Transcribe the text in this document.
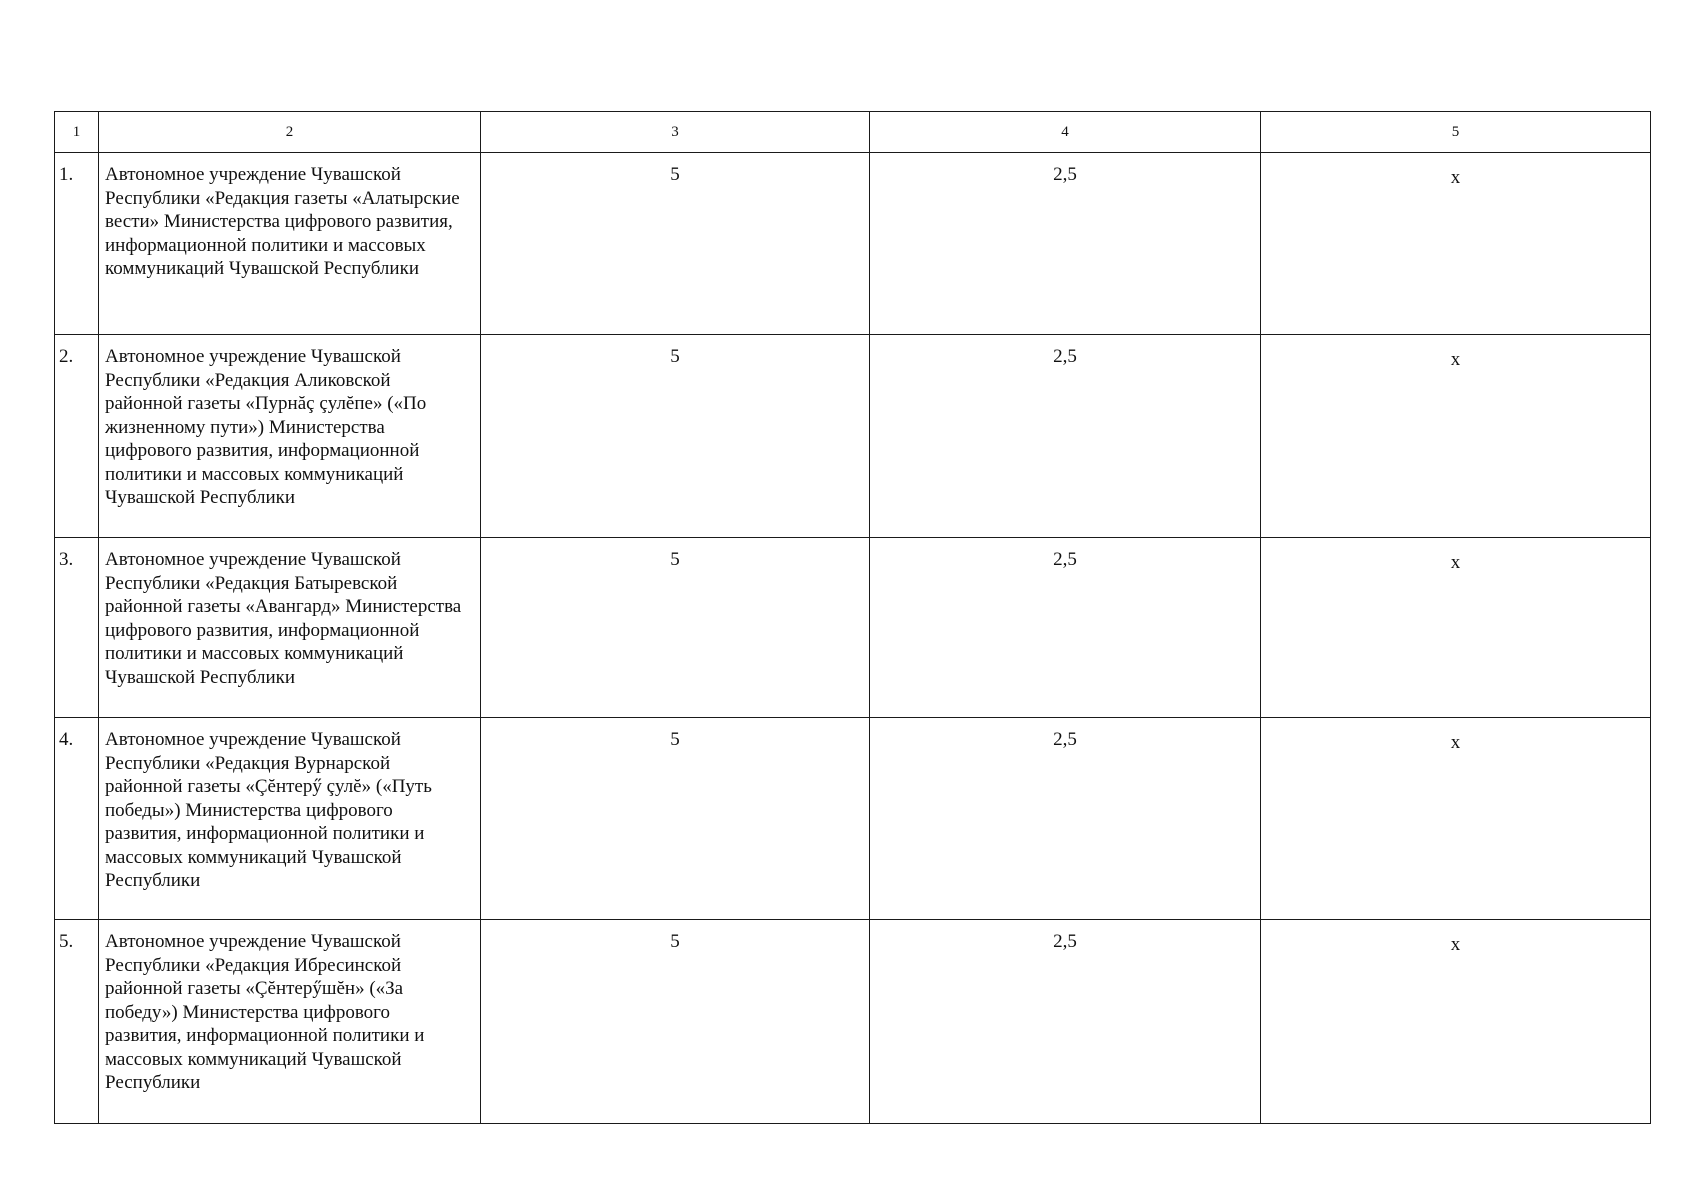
1	2	3	4	5
1.	Автономное учреждение Чувашской Республики «Редакция газеты «Алатырские вести» Министерства цифрового развития, информационной политики и массовых коммуникаций Чувашской Республики	5	2,5	х
2.	Автономное учреждение Чувашской Республики «Редакция Аликовской районной газеты «Пурнăç çулĕпе» («По жизненному пути») Министерства цифрового развития, информационной политики и массовых коммуникаций Чувашской Республики	5	2,5	х
3.	Автономное учреждение Чувашской Республики «Редакция Батыревской районной газеты «Авангард» Министерства цифрового развития, информационной политики и массовых коммуникаций Чувашской Республики	5	2,5	х
4.	Автономное учреждение Чувашской Республики «Редакция Вурнарской районной газеты «Çĕнтерӳ çулĕ» («Путь победы») Министерства цифрового развития, информационной политики и массовых коммуникаций Чувашской Республики	5	2,5	х
5.	Автономное учреждение Чувашской Республики «Редакция Ибресинской районной газеты «Çĕнтерӳшĕн» («За победу») Министерства цифрового развития, информационной политики и массовых коммуникаций Чувашской Республики	5	2,5	х
